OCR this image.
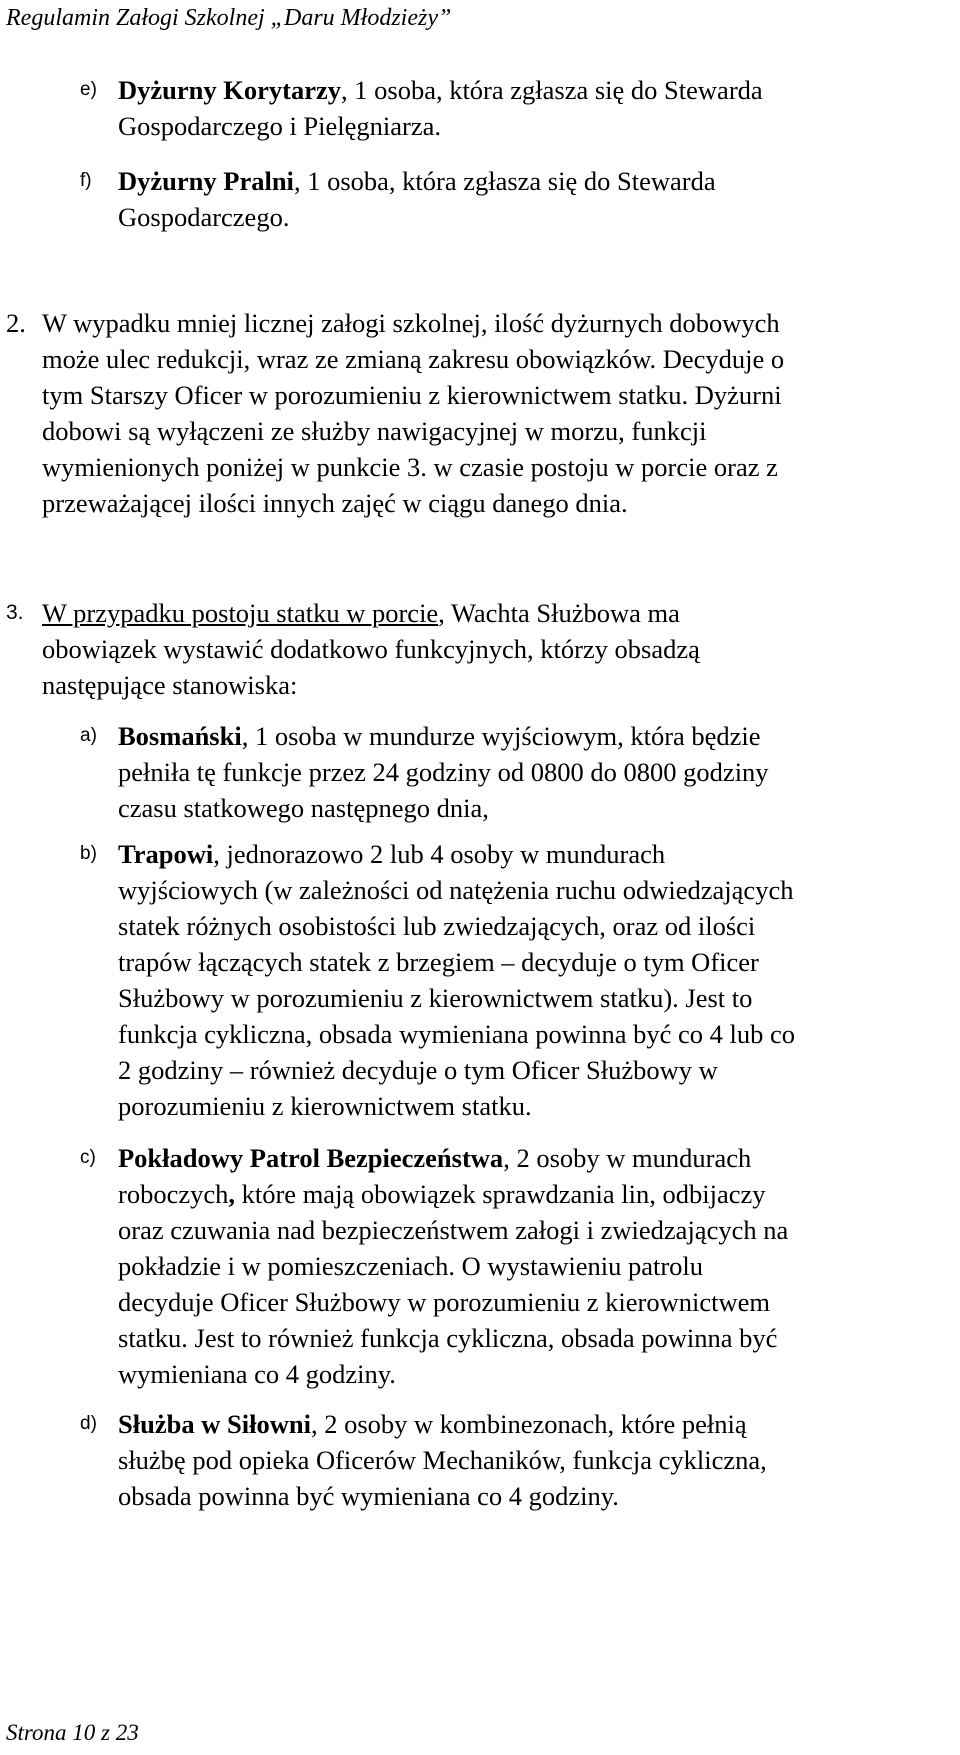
Regulamin Załogi Szkolnej „Daru Młodzieży”
e) Dyżurny Korytarzy, 1 osoba, która zgłasza się do Stewarda
Gospodarczego i Pielęgniarza.
f) Dyżurny Pralni, 1 osoba, która zgłasza się do Stewarda
Gospodarczego.
2. W wypadku mniej licznej załogi szkolnej, ilość dyżurnych dobowych
może ulec redukcji, wraz ze zmianą zakresu obowiązków. Decyduje o
tym Starszy Oficer w porozumieniu z kierownictwem statku. Dyżurni
dobowi są wyłączeni ze służby nawigacyjnej w morzu, funkcji
wymienionych poniżej w punkcie 3. w czasie postoju w porcie oraz z
przeważającej ilości innych zajęć w ciągu danego dnia.
3. W przypadku postoju statku w porcie, Wachta Służbowa ma
obowiązek wystawić dodatkowo funkcyjnych, którzy obsadzą
następujące stanowiska:
a) Bosmański, 1 osoba w mundurze wyjściowym, która będzie
pełniła tę funkcje przez 24 godziny od 0800 do 0800 godziny
czasu statkowego następnego dnia,
b) Trapowi, jednorazowo 2 lub 4 osoby w mundurach
wyjściowych (w zależności od natężenia ruchu odwiedzających
statek różnych osobistości lub zwiedzających, oraz od ilości
trapów łączących statek z brzegiem – decyduje o tym Oficer
Służbowy w porozumieniu z kierownictwem statku). Jest to
funkcja cykliczna, obsada wymieniana powinna być co 4 lub co
2 godziny – również decyduje o tym Oficer Służbowy w
porozumieniu z kierownictwem statku.
c) Pokładowy Patrol Bezpieczeństwa, 2 osoby w mundurach
roboczych, które mają obowiązek sprawdzania lin, odbijaczy
oraz czuwania nad bezpieczeństwem załogi i zwiedzających na
pokładzie i w pomieszczeniach. O wystawieniu patrolu
decyduje Oficer Służbowy w porozumieniu z kierownictwem
statku. Jest to również funkcja cykliczna, obsada powinna być
wymieniana co 4 godziny.
d) Służba w Siłowni, 2 osoby w kombinezonach, które pełnią
służbę pod opieka Oficerów Mechaników, funkcja cykliczna,
obsada powinna być wymieniana co 4 godziny.
Strona 10 z 23
